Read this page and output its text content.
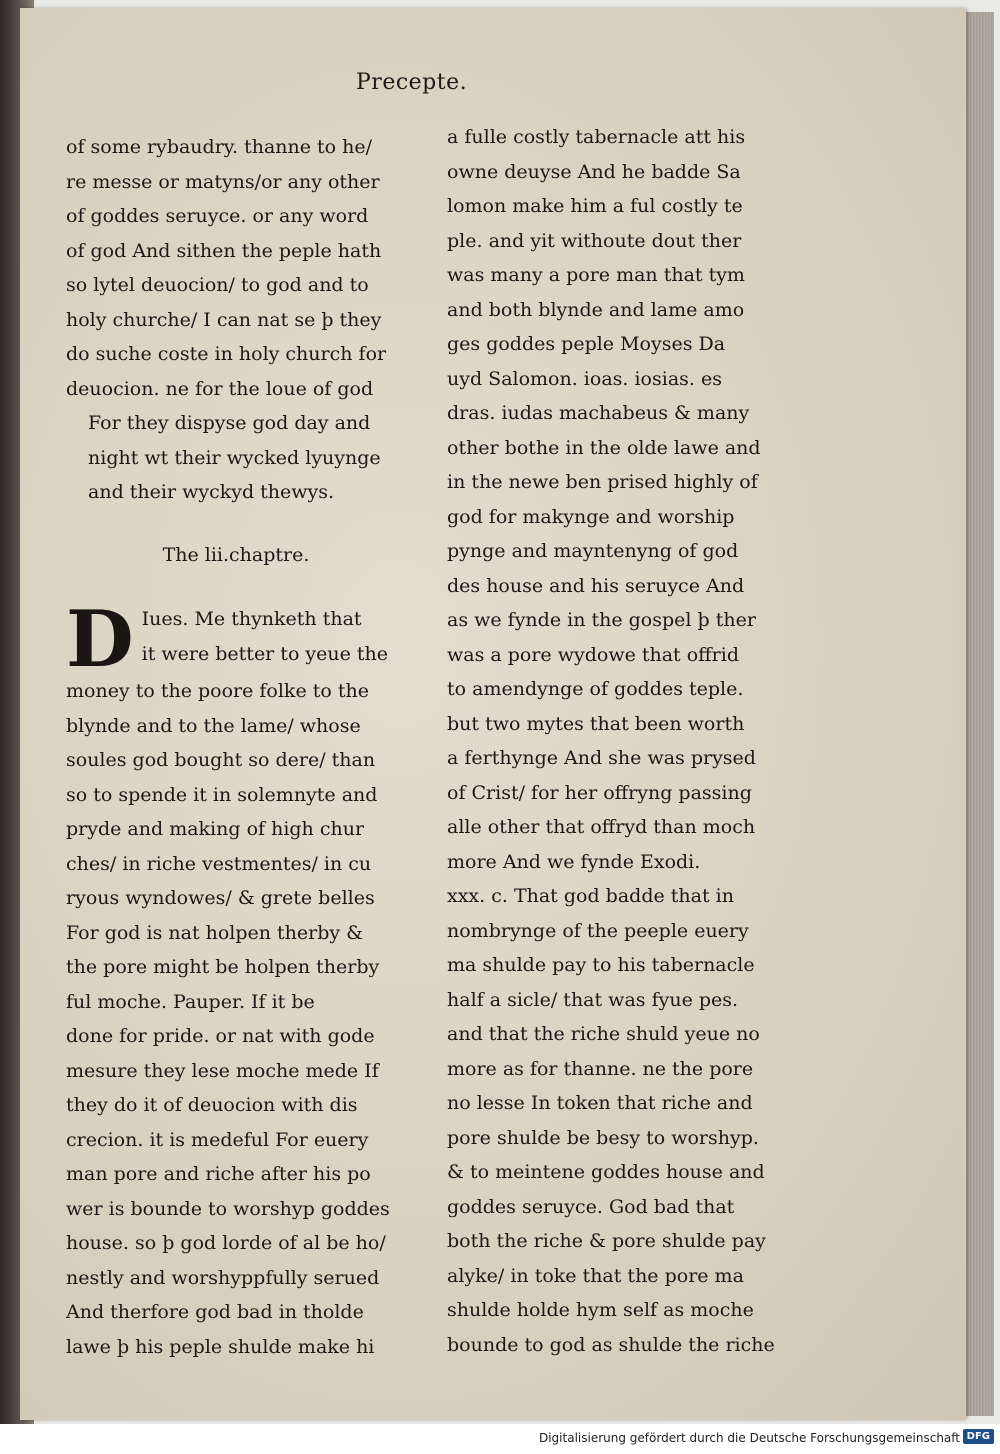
Precepte.
of some rybaudry. thanne to he/
re messe or matyns/or any other
of goddes seruyce. or any word
of god And sithen the peple hath
so lytel deuocion/ to god and to
holy churche/ I can nat se þ they
do suche coste in holy church for
deuocion. ne for the loue of god
For they dispyse god day and
night wt their wycked lyuynge
and their wyckyd thewys.
The lii.chaptre.
D Iues. Me thynketh that
it were better to yeue the
money to the poore folke to the
blynde and to the lame/ whose
soules god bought so dere/ than
so to spende it in solemnyte and
pryde and making of high chur
ches/ in riche vestmentes/ in cu
ryous wyndowes/ & grete belles
For god is nat holpen therby &
the pore might be holpen therby
ful moche. Pauper. If it be
done for pride. or nat with gode
mesure they lese moche mede If
they do it of deuocion with dis
crecion. it is medeful For euery
man pore and riche after his po
wer is bounde to worshyp goddes
house. so þ god lorde of al be ho/
nestly and worshyppfully serued
And therfore god bad in tholde
lawe þ his peple shulde make hi
a fulle costly tabernacle att his
owne deuyse And he badde Sa
lomon make him a ful costly te
ple. and yit withoute dout ther
was many a pore man that tym
and both blynde and lame amo
ges goddes peple Moyses Da
uyd Salomon. ioas. iosias. es
dras. iudas machabeus & many
other bothe in the olde lawe and
in the newe ben prised highly of
god for makynge and worship
pynge and mayntenyng of god
des house and his seruyce And
as we fynde in the gospel þ ther
was a pore wydowe that offrid
to amendynge of goddes teple.
but two mytes that been worth
a ferthynge And she was prysed
of Crist/ for her offryng passing
alle other that offryd than moch
more And we fynde Exodi.
xxx. c. That god badde that in
nombrynge of the peeple euery
ma shulde pay to his tabernacle
half a sicle/ that was fyue pes.
and that the riche shuld yeue no
more as for thanne. ne the pore
no lesse In token that riche and
pore shulde be besy to worshyp.
& to meintene goddes house and
goddes seruyce. God bad that
both the riche & pore shulde pay
alyke/ in toke that the pore ma
shulde holde hym self as moche
bounde to god as shulde the riche
Digitalisierung gefördert durch die Deutsche Forschungsgemeinschaft DFG
